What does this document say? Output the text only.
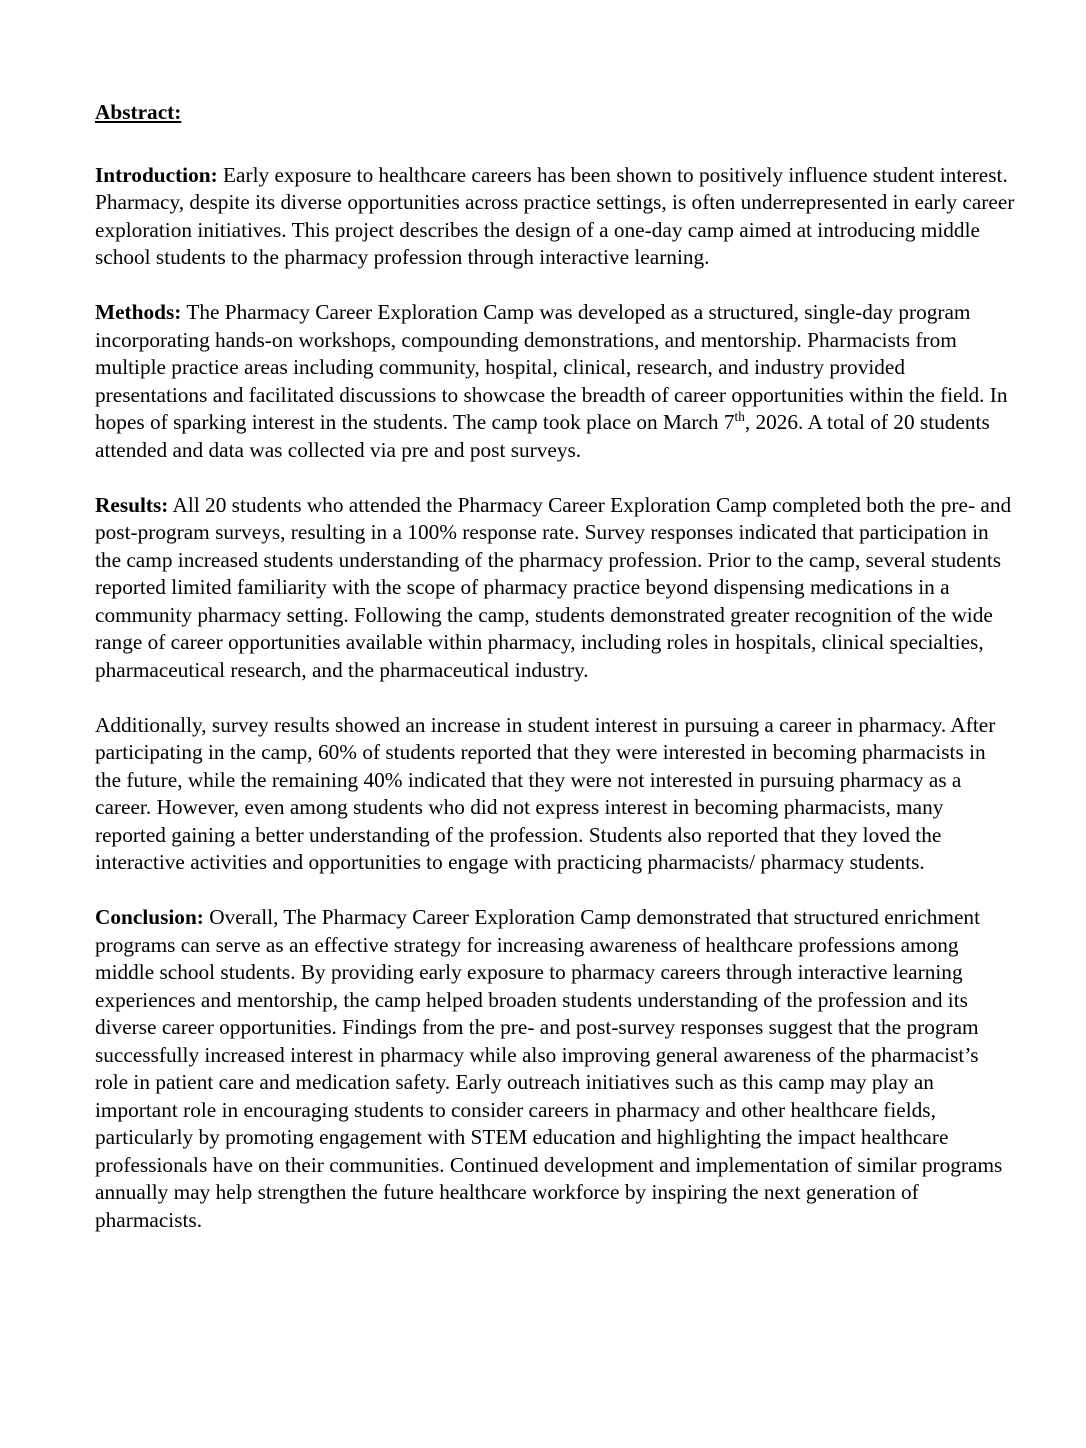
Abstract:

Introduction: Early exposure to healthcare careers has been shown to positively influence student interest. Pharmacy, despite its diverse opportunities across practice settings, is often underrepresented in early career exploration initiatives. This project describes the design of a one-day camp aimed at introducing middle school students to the pharmacy profession through interactive learning.

Methods: The Pharmacy Career Exploration Camp was developed as a structured, single-day program incorporating hands-on workshops, compounding demonstrations, and mentorship. Pharmacists from multiple practice areas including community, hospital, clinical, research, and industry provided presentations and facilitated discussions to showcase the breadth of career opportunities within the field. In hopes of sparking interest in the students. The camp took place on March 7th, 2026. A total of 20 students attended and data was collected via pre and post surveys.

Results: All 20 students who attended the Pharmacy Career Exploration Camp completed both the pre- and post-program surveys, resulting in a 100% response rate. Survey responses indicated that participation in the camp increased students understanding of the pharmacy profession. Prior to the camp, several students reported limited familiarity with the scope of pharmacy practice beyond dispensing medications in a community pharmacy setting. Following the camp, students demonstrated greater recognition of the wide range of career opportunities available within pharmacy, including roles in hospitals, clinical specialties, pharmaceutical research, and the pharmaceutical industry.

Additionally, survey results showed an increase in student interest in pursuing a career in pharmacy. After participating in the camp, 60% of students reported that they were interested in becoming pharmacists in the future, while the remaining 40% indicated that they were not interested in pursuing pharmacy as a career. However, even among students who did not express interest in becoming pharmacists, many reported gaining a better understanding of the profession. Students also reported that they loved the interactive activities and opportunities to engage with practicing pharmacists/ pharmacy students.

Conclusion: Overall, The Pharmacy Career Exploration Camp demonstrated that structured enrichment programs can serve as an effective strategy for increasing awareness of healthcare professions among middle school students. By providing early exposure to pharmacy careers through interactive learning experiences and mentorship, the camp helped broaden students understanding of the profession and its diverse career opportunities. Findings from the pre- and post-survey responses suggest that the program successfully increased interest in pharmacy while also improving general awareness of the pharmacist’s role in patient care and medication safety. Early outreach initiatives such as this camp may play an important role in encouraging students to consider careers in pharmacy and other healthcare fields, particularly by promoting engagement with STEM education and highlighting the impact healthcare professionals have on their communities. Continued development and implementation of similar programs annually may help strengthen the future healthcare workforce by inspiring the next generation of pharmacists.
